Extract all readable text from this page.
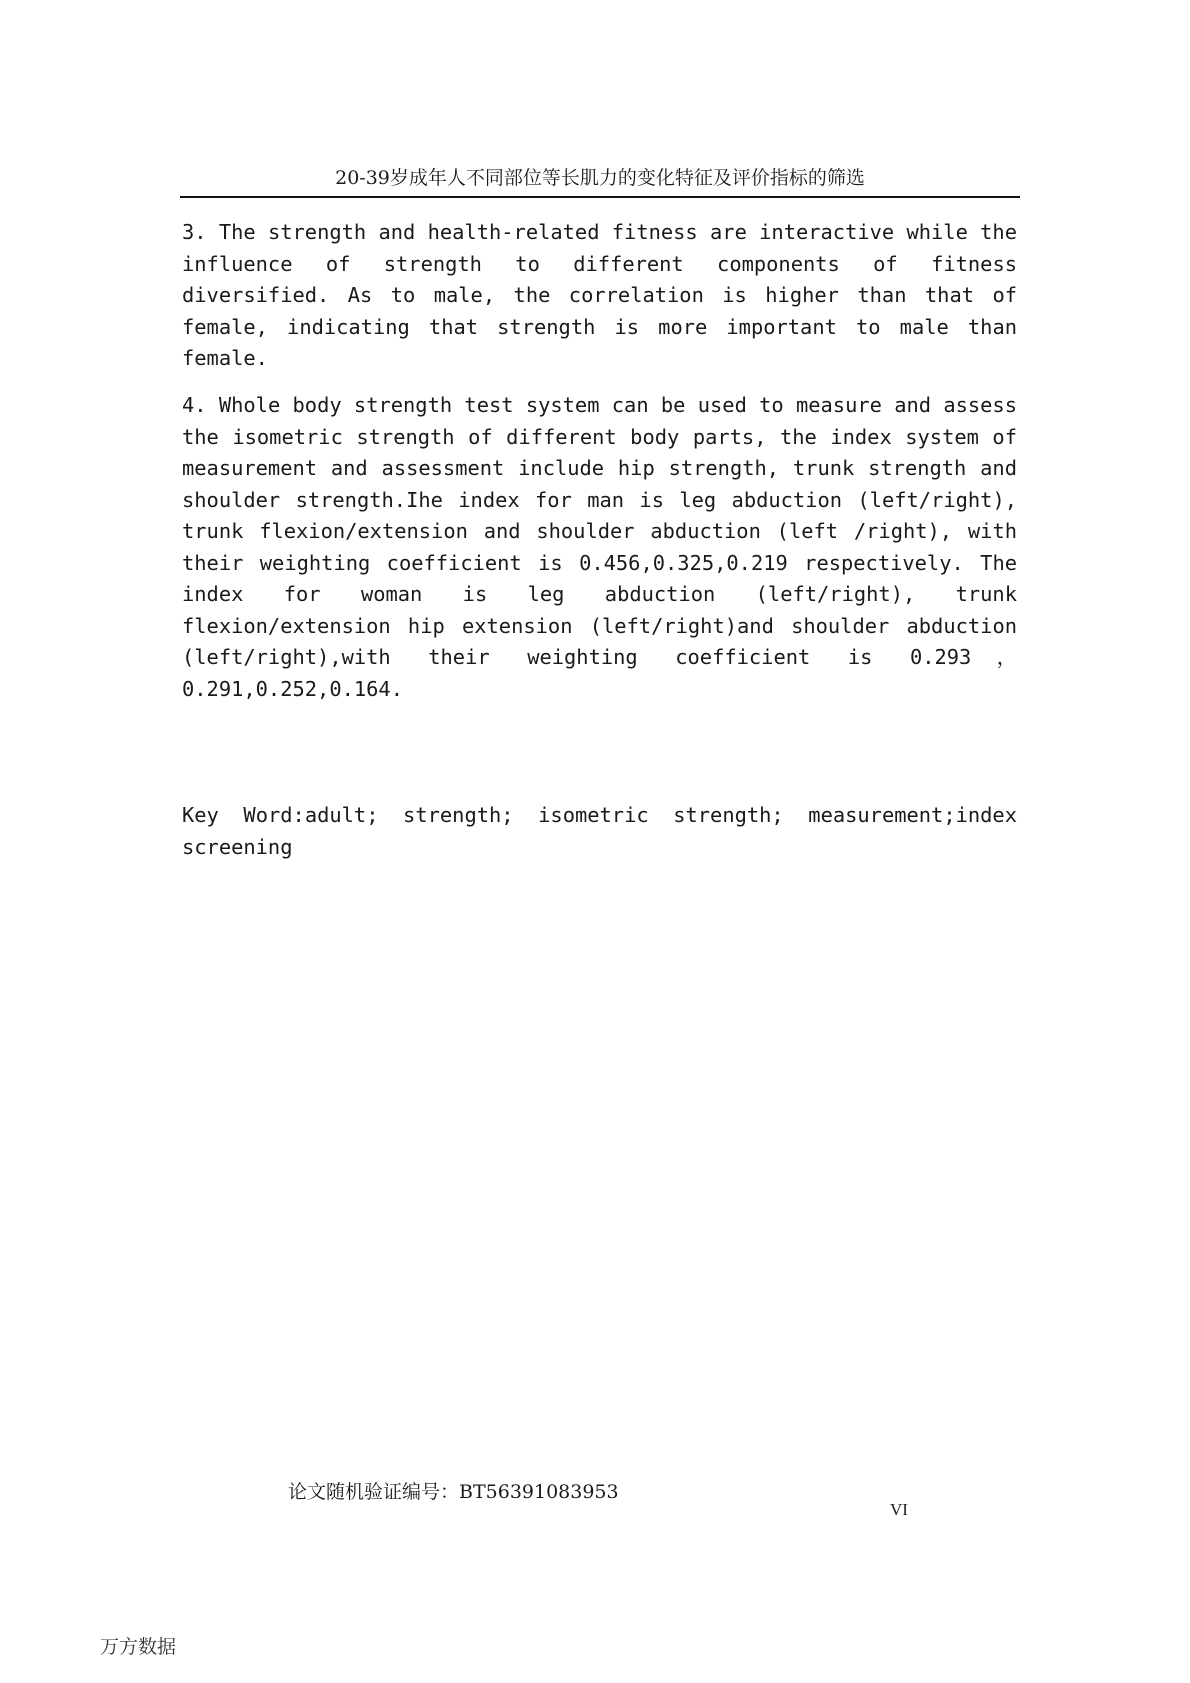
20-39岁成年人不同部位等长肌力的变化特征及评价指标的筛选

3. The strength and health-related fitness are interactive while the influence of strength to different components of fitness diversified. As to male, the correlation is higher than that of female, indicating that strength is more important to male than female.

4. Whole body strength test system can be used to measure and assess the isometric strength of different body parts, the index system of measurement and assessment include hip strength, trunk strength and shoulder strength.Ihe index for man is leg abduction (left/right), trunk flexion/extension and shoulder abduction (left /right), with their weighting coefficient is 0.456,0.325,0.219 respectively. The index for woman is leg abduction (left/right), trunk flexion/extension hip extension (left/right)and shoulder abduction (left/right),with their weighting coefficient is 0.293，0.291,0.252,0.164.

Key Word:adult; strength; isometric strength; measurement;index screening

论文随机验证编号：BT56391083953
VI
万方数据
